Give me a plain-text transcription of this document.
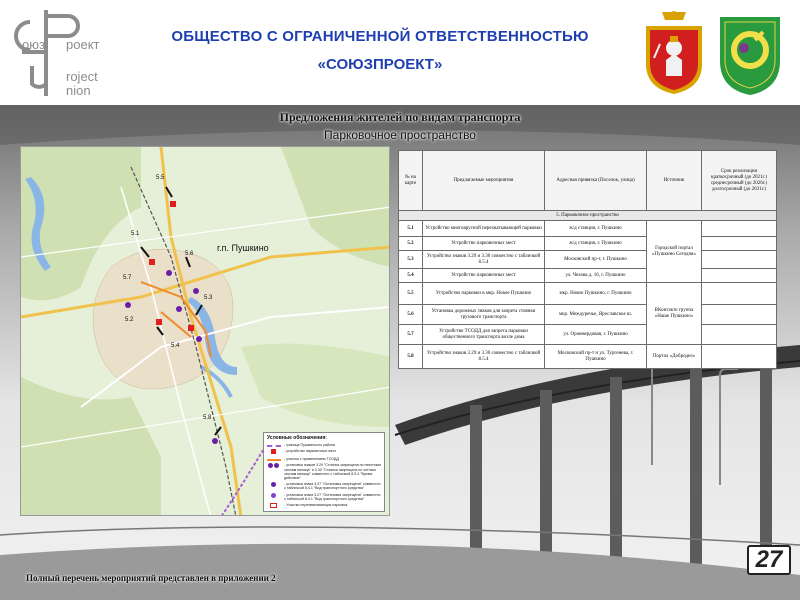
оюз роект
roject
nion
ОБЩЕСТВО С ОГРАНИЧЕННОЙ ОТВЕТСТВЕННОСТЬЮ
«СОЮЗПРОЕКТ»
Предложения жителей по видам транспорта
Парковочное пространство
5.5
5.1
5.6
5.7
5.2
5.3
5.4
5.8
г.п. Пушкино
Условные обозначения:
- граница Пушкинского района
- устройство парковочных мест
- участки с применением ТСОДД
- установка знаков 3.29 "Стоянка запрещена по нечетным числам месяца" и 3.30 "Стоянка запрещена по четным числам месяца" совместно с табличкой 8.5.4 "Время действия"
- установка знака 3.27 "Остановка запрещена" совместно с табличкой 8.4.1 "Вид транспортного средства"
- установка знака 3.27 "Остановка запрещена" совместно с табличкой 8.4.1 "Вид транспортного средства"
- Участки перехватывающих парковок
№ на карте	Предлагаемые мероприятия	Адресная привязка (Поселок, улица)	Источник	Срок реализации краткосрочный (до 2021г.) среднесрочный (до 2026г.) долгосрочный (до 2031г.)
5. Парковочное пространство				
5.1	Устройство многоярусной перехватывающей парковки	ж/д станция, г. Пушкино	Городской портал «Пушкино Сегодня»	
5.2	Устройство парковочных мест	ж/д станция, г. Пушкино		
5.3	Устройство знаков 3.29 и 3.30 совместно с табличкой 8.5.4	Московский пр-т, г. Пушкино		
5.4	Устройство парковочных мест	ул. Чехова д. 16, г. Пушкино		
5.5	Устройство парковки в мкр. Новое Пушкино	мкр. Новое Пушкино, г. Пушкино	ВКонтакте группа «Наше Пушкино»	
5.6	Установка дорожных знаков для запрета стоянки грузового транспорта	мкр. Междуречье, Ярославское ш.		
5.7	Устройство ТСОДД для запрета парковки общественного транспорта возле дома	ул. Оржевердовая, г. Пушкино		
5.8	Устройство знаков 3.29 и 3.30 совместно с табличкой 8.5.4	Московский пр-т и ул. Тургенева, г. Пушкино	Портал «Добродел»	
27
Полный перечень мероприятий представлен в приложении 2
